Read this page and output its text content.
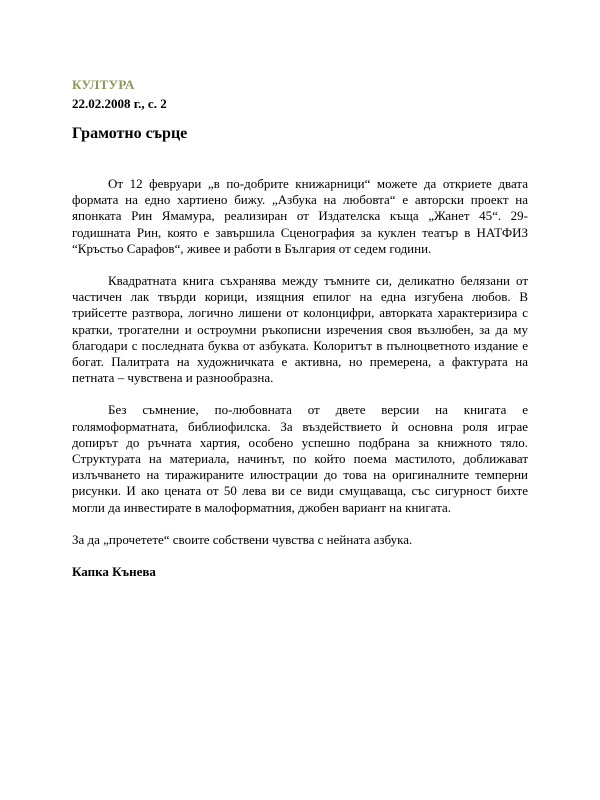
КУЛТУРА
22.02.2008 г., с. 2
Грамотно сърце

От 12 февруари „в по-добрите книжарници“ можете да откриете двата формата на едно хартиено бижу. „Азбука на любовта“ е авторски проект на японката Рин Ямамура, реализиран от Издателска къща „Жанет 45“. 29-годишната Рин, която е завършила Сценография за куклен театър в НАТФИЗ “Кръстьо Сарафов“, живее и работи в България от седем години.

Квадратната книга съхранява между тъмните си, деликатно белязани от частичен лак твърди корици, изящния епилог на една изгубена любов. В трийсетте разтвора, логично лишени от колонцифри, авторката характеризира с кратки, трогателни и остроумни ръкописни изречения своя възлюбен, за да му благодари с последната буква от азбуката. Колоритът в пълноцветното издание е богат. Палитрата на художничката е активна, но премерена, а фактурата на петната – чувствена и разнообразна.

Без съмнение, по-любовната от двете версии на книгата е голямоформатната, библиофилска. За въздействието ѝ основна роля играе допирът до ръчната хартия, особено успешно подбрана за книжното тяло. Структурата на материала, начинът, по който поема мастилото, доближават излъчването на тиражираните илюстрации до това на оригиналните темперни рисунки. И ако цената от 50 лева ви се види смущаваща, със сигурност бихте могли да инвестирате в малоформатния, джобен вариант на книгата.

За да „прочетете“ своите собствени чувства с нейната азбука.

Капка Кънева
